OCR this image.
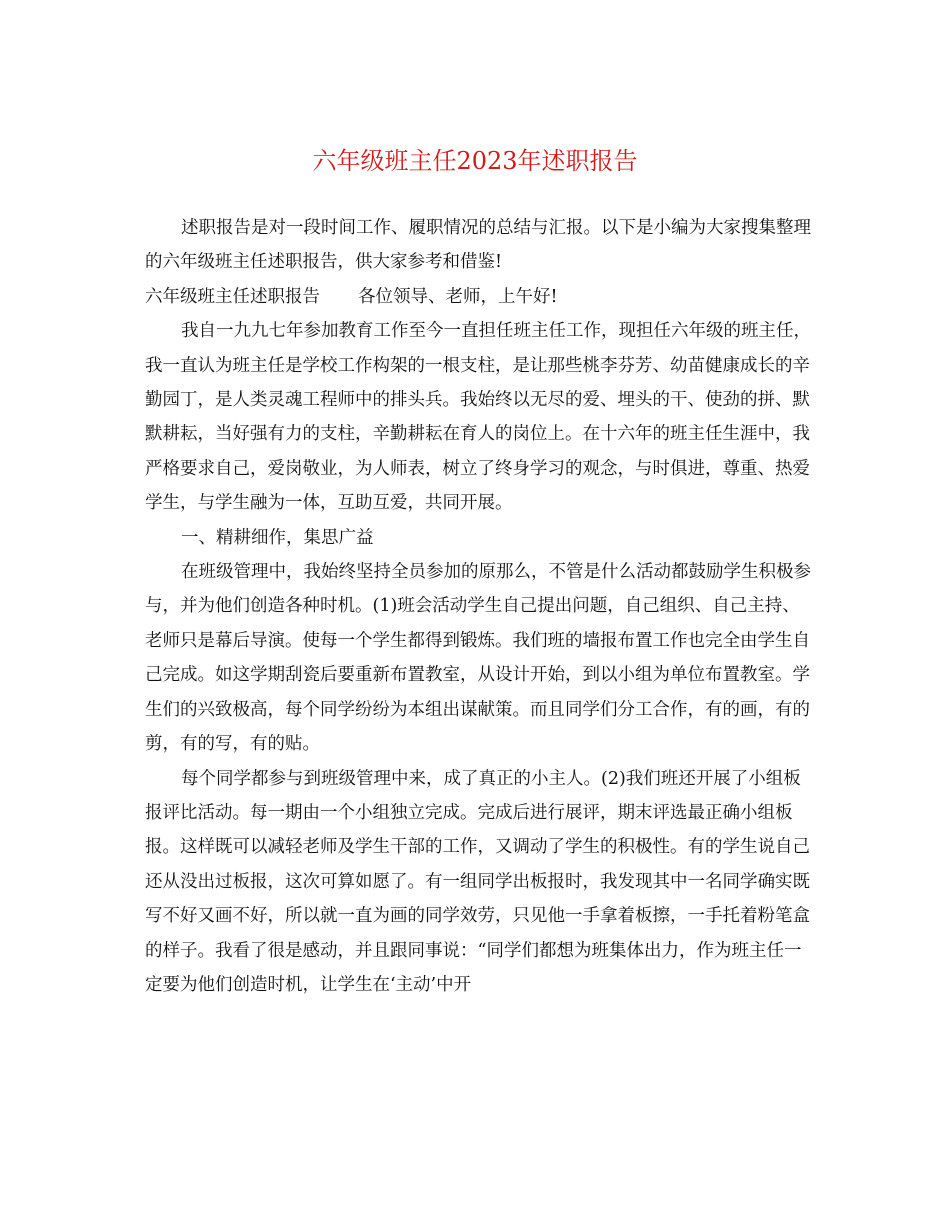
六年级班主任2023年述职报告

述职报告是对一段时间工作、履职情况的总结与汇报。以下是小编为大家搜集整理的六年级班主任述职报告，供大家参考和借鉴!

六年级班主任述职报告 各位领导、老师，上午好!

我自一九九七年参加教育工作至今一直担任班主任工作，现担任六年级的班主任，我一直认为班主任是学校工作构架的一根支柱，是让那些桃李芬芳、幼苗健康成长的辛勤园丁，是人类灵魂工程师中的排头兵。我始终以无尽的爱、埋头的干、使劲的拼、默默耕耘，当好强有力的支柱，辛勤耕耘在育人的岗位上。在十六年的班主任生涯中，我严格要求自己，爱岗敬业，为人师表，树立了终身学习的观念，与时俱进，尊重、热爱学生，与学生融为一体，互助互爱，共同开展。

一、精耕细作，集思广益

在班级管理中，我始终坚持全员参加的原那么，不管是什么活动都鼓励学生积极参与，并为他们创造各种时机。(1)班会活动学生自己提出问题，自己组织、自己主持、老师只是幕后导演。使每一个学生都得到锻炼。我们班的墙报布置工作也完全由学生自己完成。如这学期刮瓷后要重新布置教室，从设计开始，到以小组为单位布置教室。学生们的兴致极高，每个同学纷纷为本组出谋献策。而且同学们分工合作，有的画，有的剪，有的写，有的贴。

每个同学都参与到班级管理中来，成了真正的小主人。(2)我们班还开展了小组板报评比活动。每一期由一个小组独立完成。完成后进行展评，期末评选最正确小组板报。这样既可以减轻老师及学生干部的工作，又调动了学生的积极性。有的学生说自己还从没出过板报，这次可算如愿了。有一组同学出板报时，我发现其中一名同学确实既写不好又画不好，所以就一直为画的同学效劳，只见他一手拿着板擦，一手托着粉笔盒的样子。我看了很是感动，并且跟同事说：“同学们都想为班集体出力，作为班主任一定要为他们创造时机，让学生在‘主动’中开
